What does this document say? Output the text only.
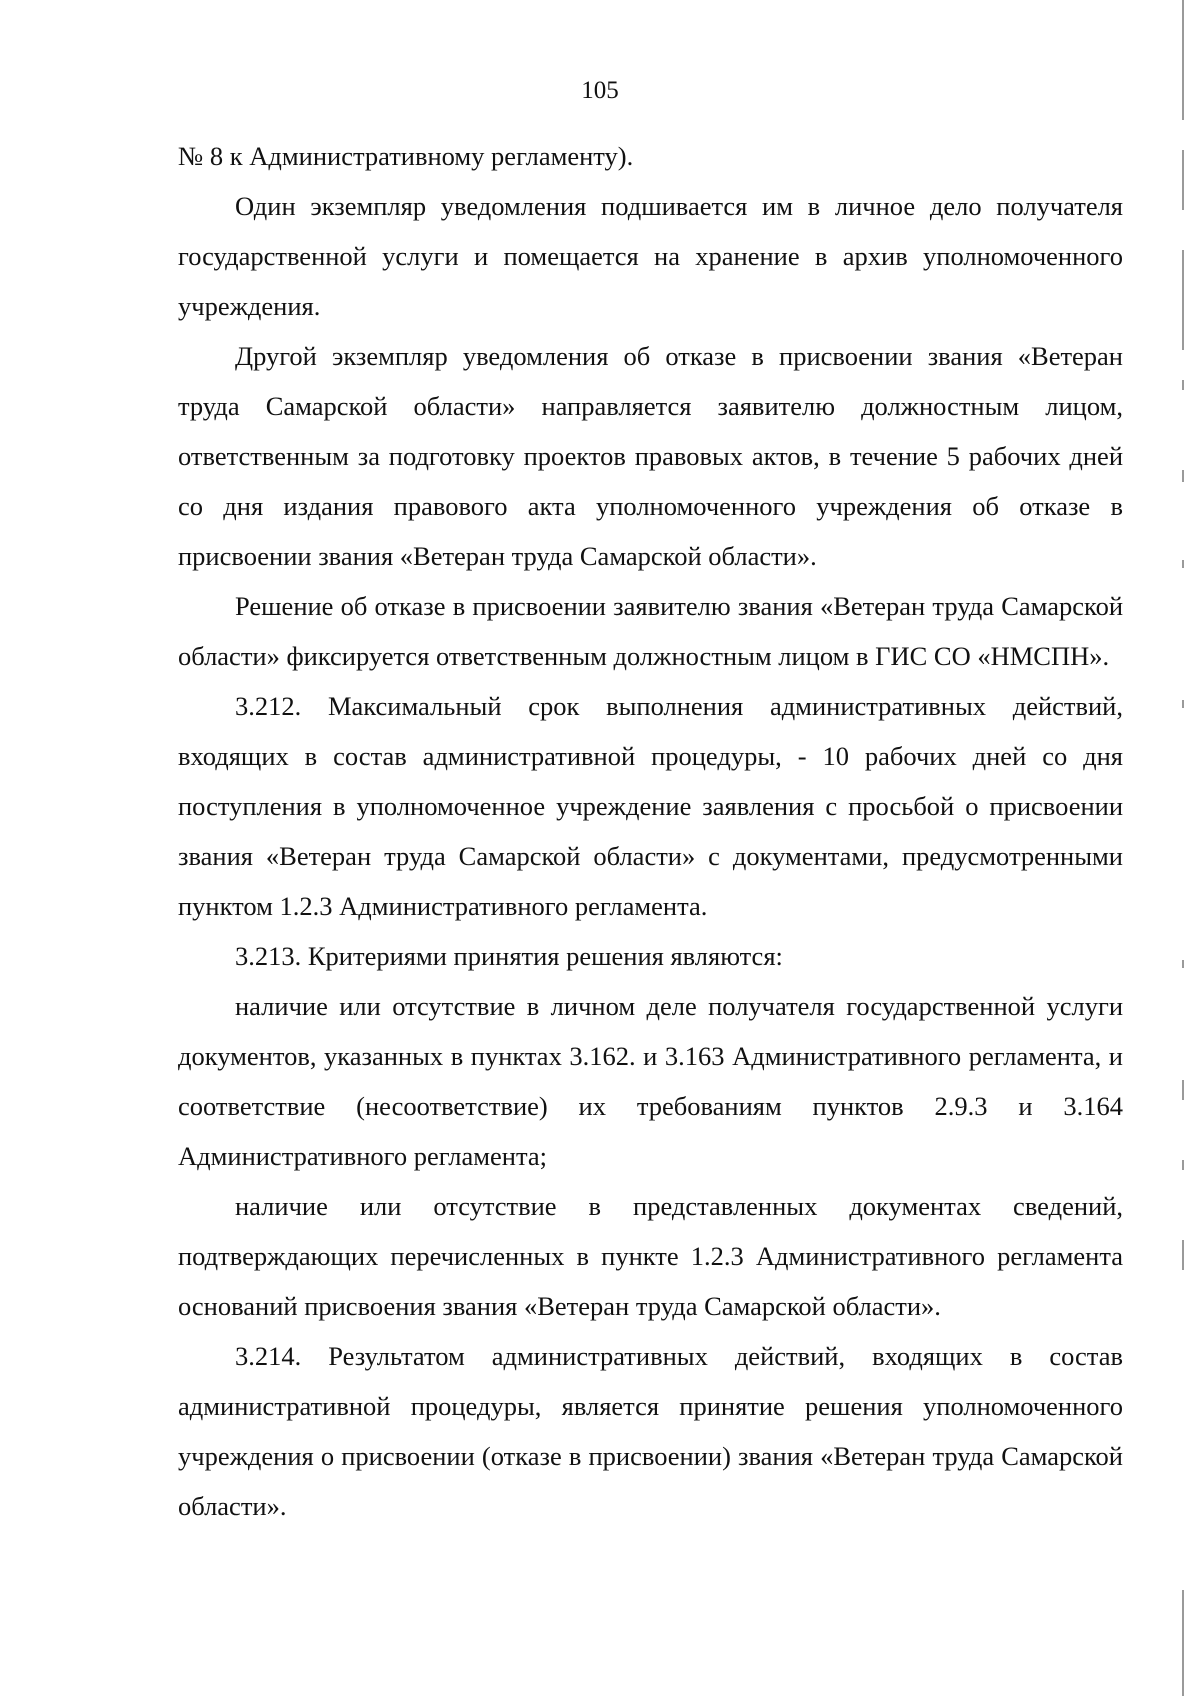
105

№ 8 к Административному регламенту).

Один экземпляр уведомления подшивается им в личное дело получателя государственной услуги и помещается на хранение в архив уполномоченного учреждения.

Другой экземпляр уведомления об отказе в присвоении звания «Ветеран труда Самарской области» направляется заявителю должностным лицом, ответственным за подготовку проектов правовых актов, в течение 5 рабочих дней со дня издания правового акта уполномоченного учреждения об отказе в присвоении звания «Ветеран труда Самарской области».

Решение об отказе в присвоении заявителю звания «Ветеран труда Самарской области» фиксируется ответственным должностным лицом в ГИС СО «НМСПН».

3.212. Максимальный срок выполнения административных действий, входящих в состав административной процедуры, - 10 рабочих дней со дня поступления в уполномоченное учреждение заявления с просьбой о присвоении звания «Ветеран труда Самарской области» с документами, предусмотренными пунктом 1.2.3 Административного регламента.

3.213. Критериями принятия решения являются:

наличие или отсутствие в личном деле получателя государственной услуги документов, указанных в пунктах 3.162. и 3.163 Административного регламента, и соответствие (несоответствие) их требованиям пунктов 2.9.3 и 3.164 Административного регламента;

наличие или отсутствие в представленных документах сведений, подтверждающих перечисленных в пункте 1.2.3 Административного регламента оснований присвоения звания «Ветеран труда Самарской области».

3.214. Результатом административных действий, входящих в состав административной процедуры, является принятие решения уполномоченного учреждения о присвоении (отказе в присвоении) звания «Ветеран труда Самарской области».
